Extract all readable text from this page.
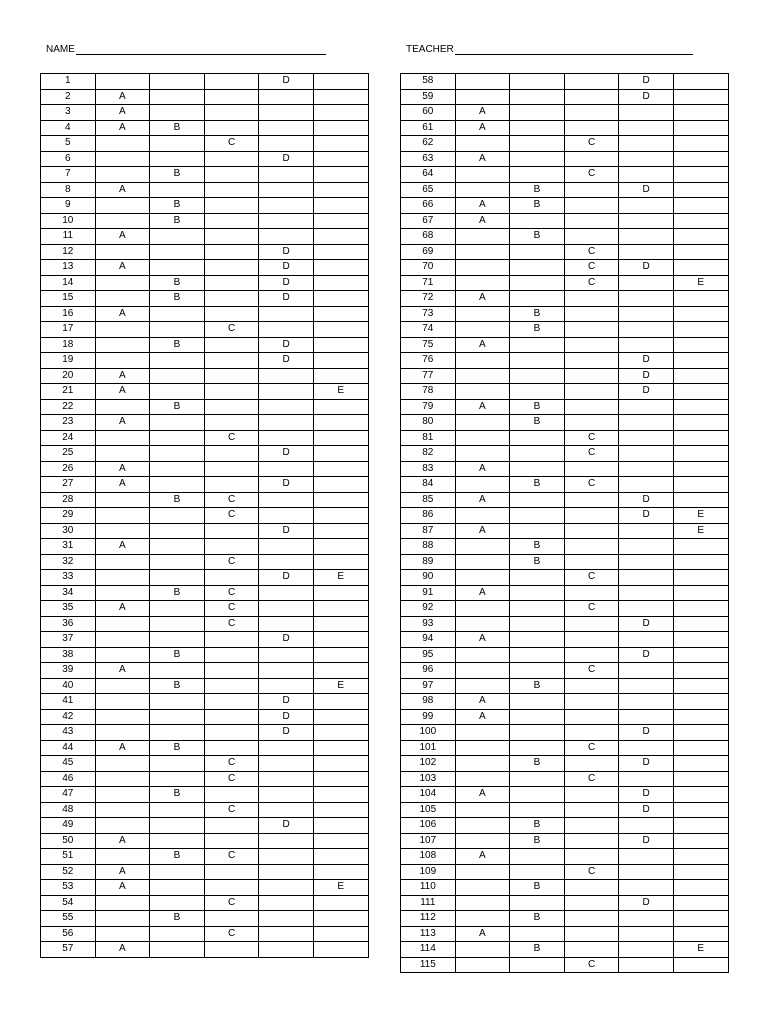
NAME	TEACHER
1				D	
2	A				
3	A				
4	A	B			
5			C		
6				D	
7		B			
8	A				
9		B			
10		B			
11	A				
12				D	
13	A			D	
14		B		D	
15		B		D	
16	A				
17			C		
18		B		D	
19				D	
20	A				
21	A				E
22		B			
23	A				
24			C		
25				D	
26	A				
27	A			D	
28		B	C		
29			C		
30				D	
31	A				
32			C		
33				D	E
34		B	C		
35	A		C		
36			C		
37				D	
38		B			
39	A				
40		B			E
41				D	
42				D	
43				D	
44	A	B			
45			C		
46			C		
47		B			
48			C		
49				D	
50	A				
51		B	C		
52	A				
53	A				E
54			C		
55		B			
56			C		
57	A				
58				D	
59				D	
60	A				
61	A				
62			C		
63	A				
64			C		
65		B		D	
66	A	B			
67	A				
68		B			
69			C		
70			C	D	
71			C		E
72	A				
73		B			
74		B			
75	A				
76				D	
77				D	
78				D	
79	A	B			
80		B			
81			C		
82			C		
83	A				
84		B	C		
85	A			D	
86				D	E
87	A				E
88		B			
89		B			
90			C		
91	A				
92			C		
93				D	
94	A				
95				D	
96			C		
97		B			
98	A				
99	A				
100				D	
101			C		
102		B		D	
103			C		
104	A			D	
105				D	
106		B			
107		B		D	
108	A				
109			C		
110		B			
111				D	
112		B			
113	A				
114		B			E
115			C		
